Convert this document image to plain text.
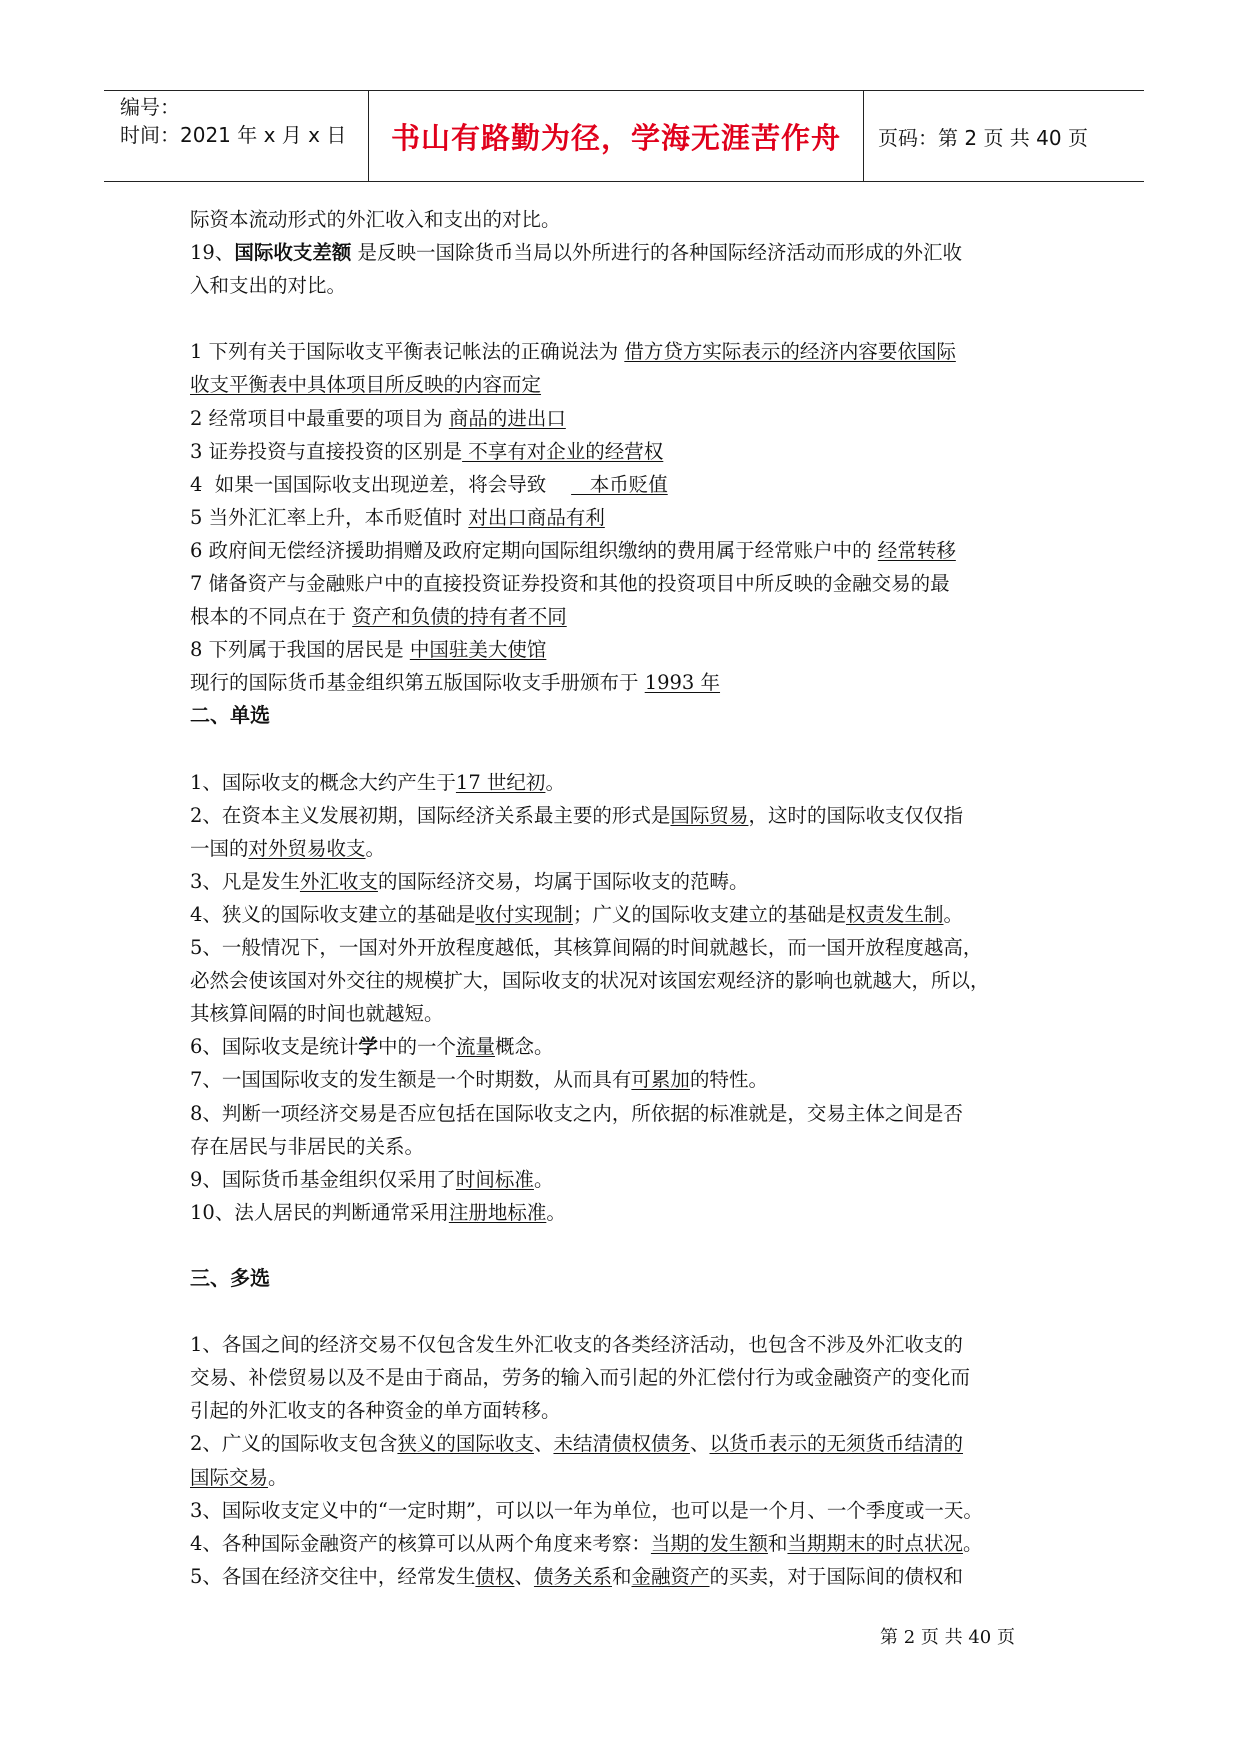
编号：
时间：2021 年 x 月 x 日	书山有路勤为径，学海无涯苦作舟 页码：第 2 页 共 40 页
际资本流动形式的外汇收入和支出的对比。
19、国际收支差额 是反映一国除货币当局以外所进行的各种国际经济活动而形成的外汇收
入和支出的对比。
1 下列有关于国际收支平衡表记帐法的正确说法为 借方贷方实际表示的经济内容要依国际
收支平衡表中具体项目所反映的内容而定
2 经常项目中最重要的项目为 商品的进出口
3 证券投资与直接投资的区别是 不享有对企业的经营权
4  如果一国国际收支出现逆差，将会导致       本币贬值
5 当外汇汇率上升，本币贬值时 对出口商品有利
6 政府间无偿经济援助捐赠及政府定期向国际组织缴纳的费用属于经常账户中的 经常转移
7 储备资产与金融账户中的直接投资证券投资和其他的投资项目中所反映的金融交易的最
根本的不同点在于 资产和负债的持有者不同
8 下列属于我国的居民是 中国驻美大使馆
现行的国际货币基金组织第五版国际收支手册颁布于 1993 年
二、单选
1、国际收支的概念大约产生于17 世纪初。
2、在资本主义发展初期，国际经济关系最主要的形式是国际贸易，这时的国际收支仅仅指
一国的对外贸易收支。
3、凡是发生外汇收支的国际经济交易，均属于国际收支的范畴。
4、狭义的国际收支建立的基础是收付实现制；广义的国际收支建立的基础是权责发生制。
5、一般情况下，一国对外开放程度越低，其核算间隔的时间就越长，而一国开放程度越高，
必然会使该国对外交往的规模扩大，国际收支的状况对该国宏观经济的影响也就越大，所以，
其核算间隔的时间也就越短。
6、国际收支是统计学中的一个流量概念。
7、一国国际收支的发生额是一个时期数，从而具有可累加的特性。
8、判断一项经济交易是否应包括在国际收支之内，所依据的标准就是，交易主体之间是否
存在居民与非居民的关系。
9、国际货币基金组织仅采用了时间标准。
10、法人居民的判断通常采用注册地标准。
三、多选
1、各国之间的经济交易不仅包含发生外汇收支的各类经济活动，也包含不涉及外汇收支的
交易、补偿贸易以及不是由于商品，劳务的输入而引起的外汇偿付行为或金融资产的变化而
引起的外汇收支的各种资金的单方面转移。
2、广义的国际收支包含狭义的国际收支、未结清债权债务、以货币表示的无须货币结清的
国际交易。
3、国际收支定义中的“一定时期”，可以以一年为单位，也可以是一个月、一个季度或一天。
4、各种国际金融资产的核算可以从两个角度来考察：当期的发生额和当期期末的时点状况。
5、各国在经济交往中，经常发生债权、债务关系和金融资产的买卖，对于国际间的债权和
第 2 页 共 40 页
